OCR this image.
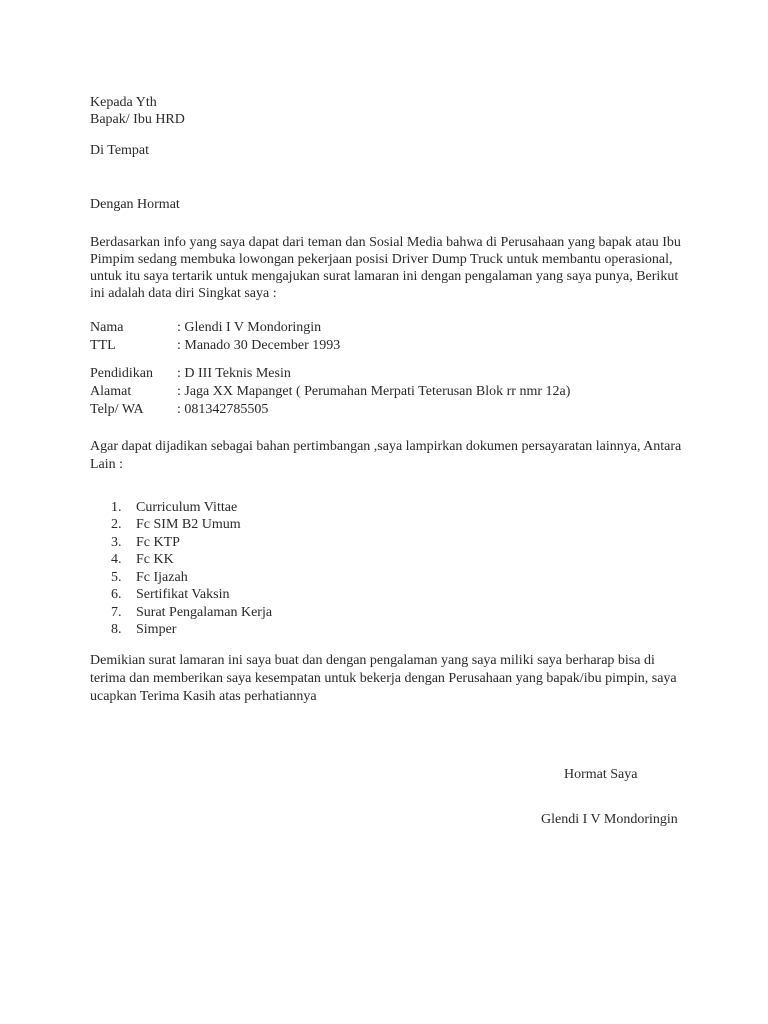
Kepada Yth
Bapak/ Ibu HRD
Di Tempat
Dengan Hormat
Berdasarkan info yang saya dapat dari teman dan Sosial Media bahwa di Perusahaan yang bapak atau Ibu
Pimpim sedang membuka lowongan pekerjaan posisi Driver Dump Truck untuk membantu operasional,
untuk itu saya tertarik untuk mengajukan surat lamaran ini dengan pengalaman yang saya punya, Berikut
ini adalah data diri Singkat saya :
Nama	: Glendi I V Mondoringin
TTL	: Manado 30 December 1993
Pendidikan : D III Teknis Mesin
Alamat	: Jaga XX Mapanget ( Perumahan Merpati Teterusan Blok rr nmr 12a)
Telp/ WA : 081342785505
Agar dapat dijadikan sebagai bahan pertimbangan ,saya lampirkan dokumen persayaratan lainnya, Antara
Lain :
1. Curriculum Vittae
2. Fc SIM B2 Umum
3. Fc KTP
4. Fc KK
5. Fc Ijazah
6. Sertifikat Vaksin
7. Surat Pengalaman Kerja
8. Simper
Demikian surat lamaran ini saya buat dan dengan pengalaman yang saya miliki saya berharap bisa di
terima dan memberikan saya kesempatan untuk bekerja dengan Perusahaan yang bapak/ibu pimpin, saya
ucapkan Terima Kasih atas perhatiannya
Hormat Saya
Glendi I V Mondoringin
